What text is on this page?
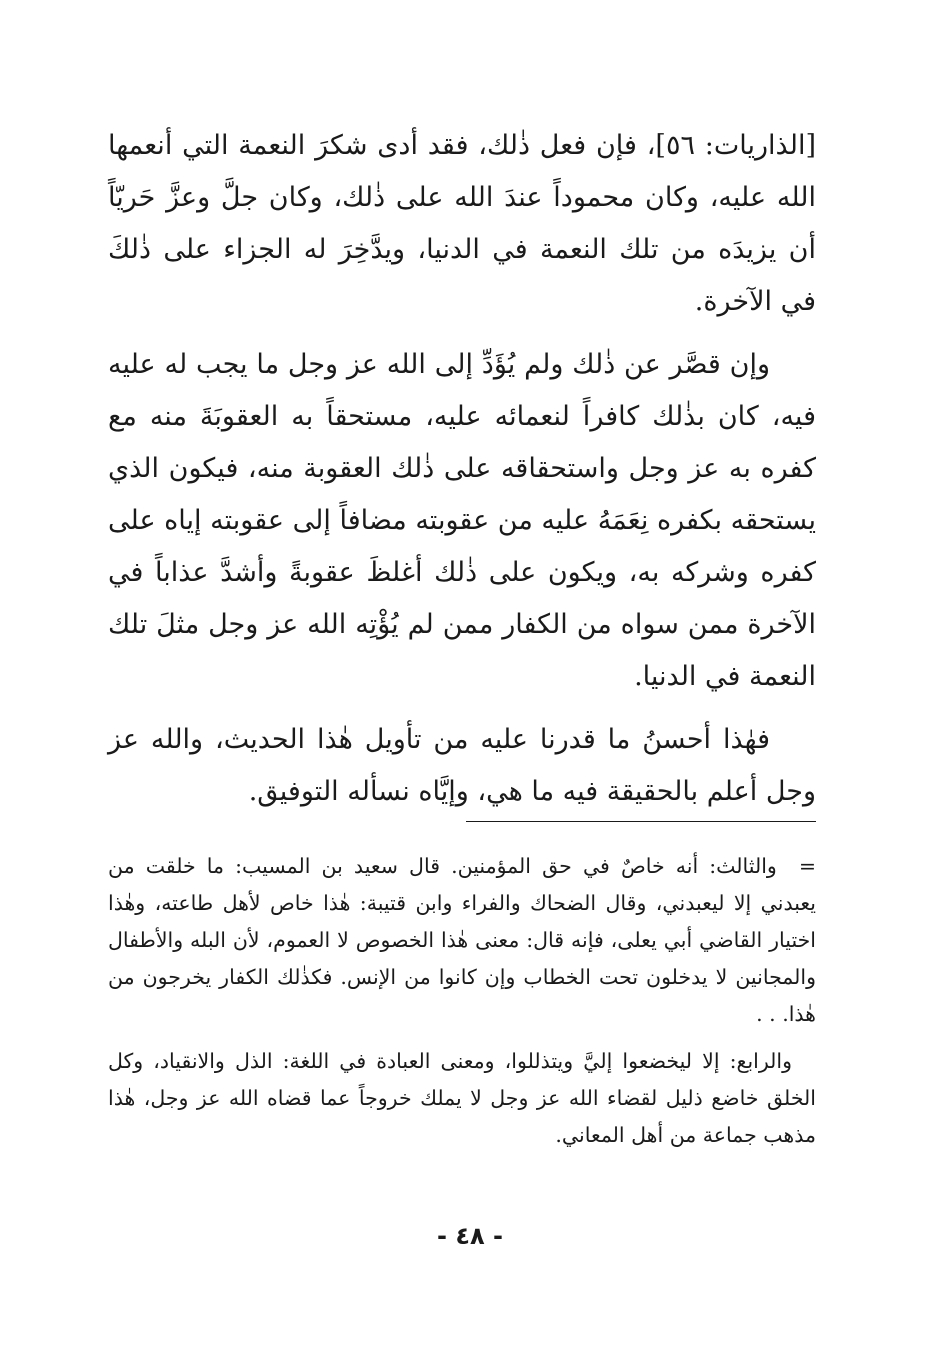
[الذاريات: ٥٦]، فإن فعل ذٰلك، فقد أدى شكرَ النعمة التي أنعمها الله عليه، وكان محموداً عندَ الله على ذٰلك، وكان جلَّ وعزَّ حَريّاً أن يزيدَه من تلك النعمة في الدنيا، ويدَّخِرَ له الجزاء على ذٰلكَ في الآخرة.

وإن قصَّر عن ذٰلك ولم يُؤَدِّ إلى الله عز وجل ما يجب له عليه فيه، كان بذٰلك كافراً لنعمائه عليه، مستحقاً به العقوبَةَ منه مع كفره به عز وجل واستحقاقه على ذٰلك العقوبة منه، فيكون الذي يستحقه بكفره نِعَمَهُ عليه من عقوبته مضافاً إلى عقوبته إياه على كفره وشركه به، ويكون على ذٰلك أغلظَ عقوبةً وأشدَّ عذاباً في الآخرة ممن سواه من الكفار ممن لم يُؤْتِه الله عز وجل مثلَ تلك النعمة في الدنيا.

فهٰذا أحسنُ ما قدرنا عليه من تأويل هٰذا الحديث، والله عز وجل أعلم بالحقيقة فيه ما هي، وإيَّاه نسأله التوفيق.

=والثالث: أنه خاصٌ في حق المؤمنين. قال سعيد بن المسيب: ما خلقت من يعبدني إلا ليعبدني، وقال الضحاك والفراء وابن قتيبة: هٰذا خاص لأهل طاعته، وهٰذا اختيار القاضي أبي يعلى، فإنه قال: معنى هٰذا الخصوص لا العموم، لأن البله والأطفال والمجانين لا يدخلون تحت الخطاب وإن كانوا من الإنس. فكذٰلك الكفار يخرجون من هٰذا. . .

والرابع: إلا ليخضعوا إليَّ ويتذللوا، ومعنى العبادة في اللغة: الذل والانقياد، وكل الخلق خاضع ذليل لقضاء الله عز وجل لا يملك خروجاً عما قضاه الله عز وجل، هٰذا مذهب جماعة من أهل المعاني.

- ٤٨ -
